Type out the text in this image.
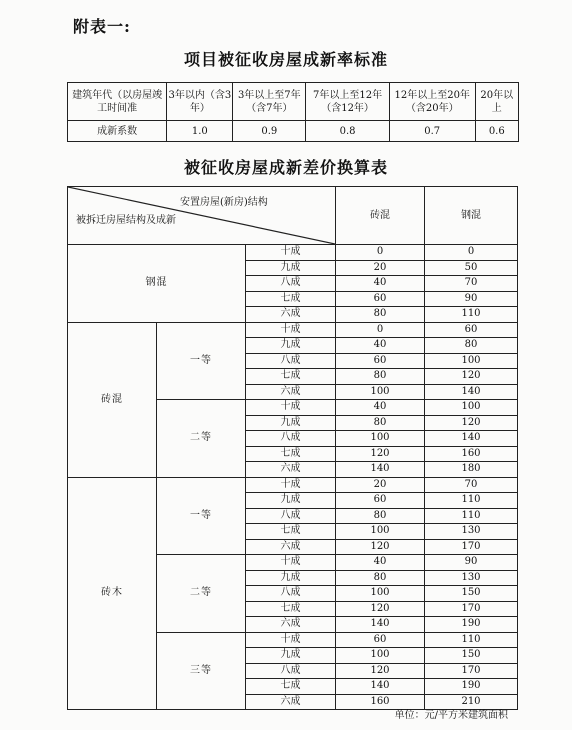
附表一:
项目被征收房屋成新率标准
建筑年代（以房屋竣工时间准	3年以内（含3年）	3年以上至7年（含7年）	7年以上至12年（含12年）	12年以上至20年（含20年）	20年以上
成新系数	1.0	0.9	0.8	0.7	0.6
被征收房屋成新差价换算表
安置房屋(新房)结构
被拆迁房屋结构及成新			砖混	钢混
钢混		十成	0	0
		九成	20	50
		八成	40	70
		七成	60	90
		六成	80	110
砖混	一等	十成	0	60
		九成	40	80
		八成	60	100
		七成	80	120
		六成	100	140
	二等	十成	40	100
		九成	80	120
		八成	100	140
		七成	120	160
		六成	140	180
砖木	一等	十成	20	70
		九成	60	110
		八成	80	110
		七成	100	130
		六成	120	170
	二等	十成	40	90
		九成	80	130
		八成	100	150
		七成	120	170
		六成	140	190
	三等	十成	60	110
		九成	100	150
		八成	120	170
		七成	140	190
		六成	160	210
单位：元/平方米建筑面积
